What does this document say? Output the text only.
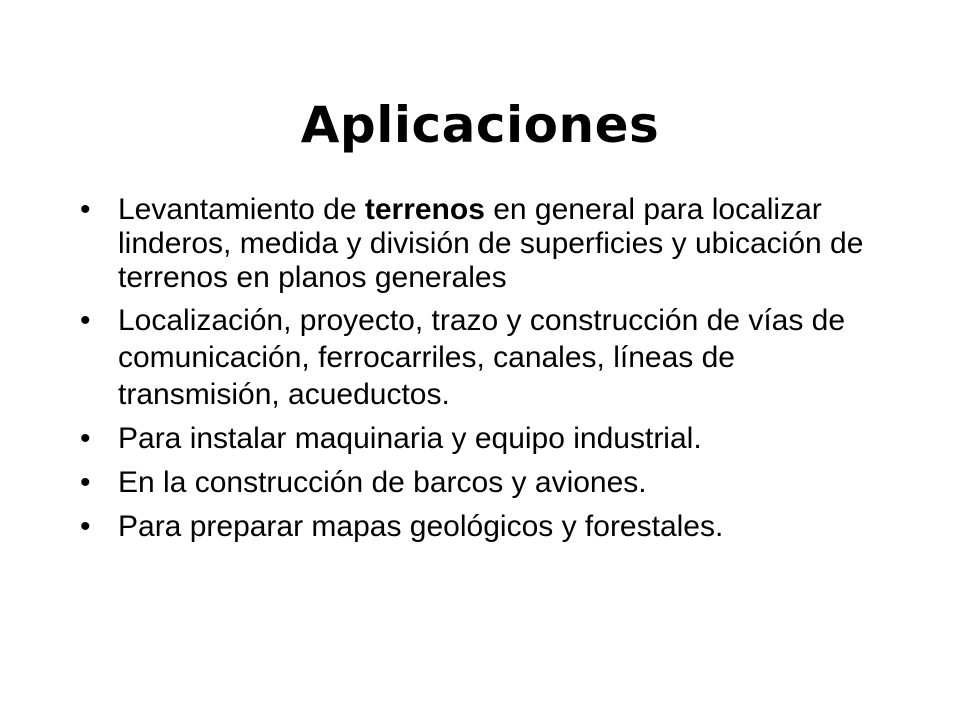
Aplicaciones
•
Levantamiento de terrenos en general para localizar linderos, medida y división de superficies y ubicación de terrenos en planos generales
•
Localización, proyecto, trazo y construcción de vías de comunicación, ferrocarriles, canales, líneas de transmisión, acueductos.
•
Para instalar maquinaria y equipo industrial.
•
En la construcción de barcos y aviones.
•
Para preparar mapas geológicos y forestales.
